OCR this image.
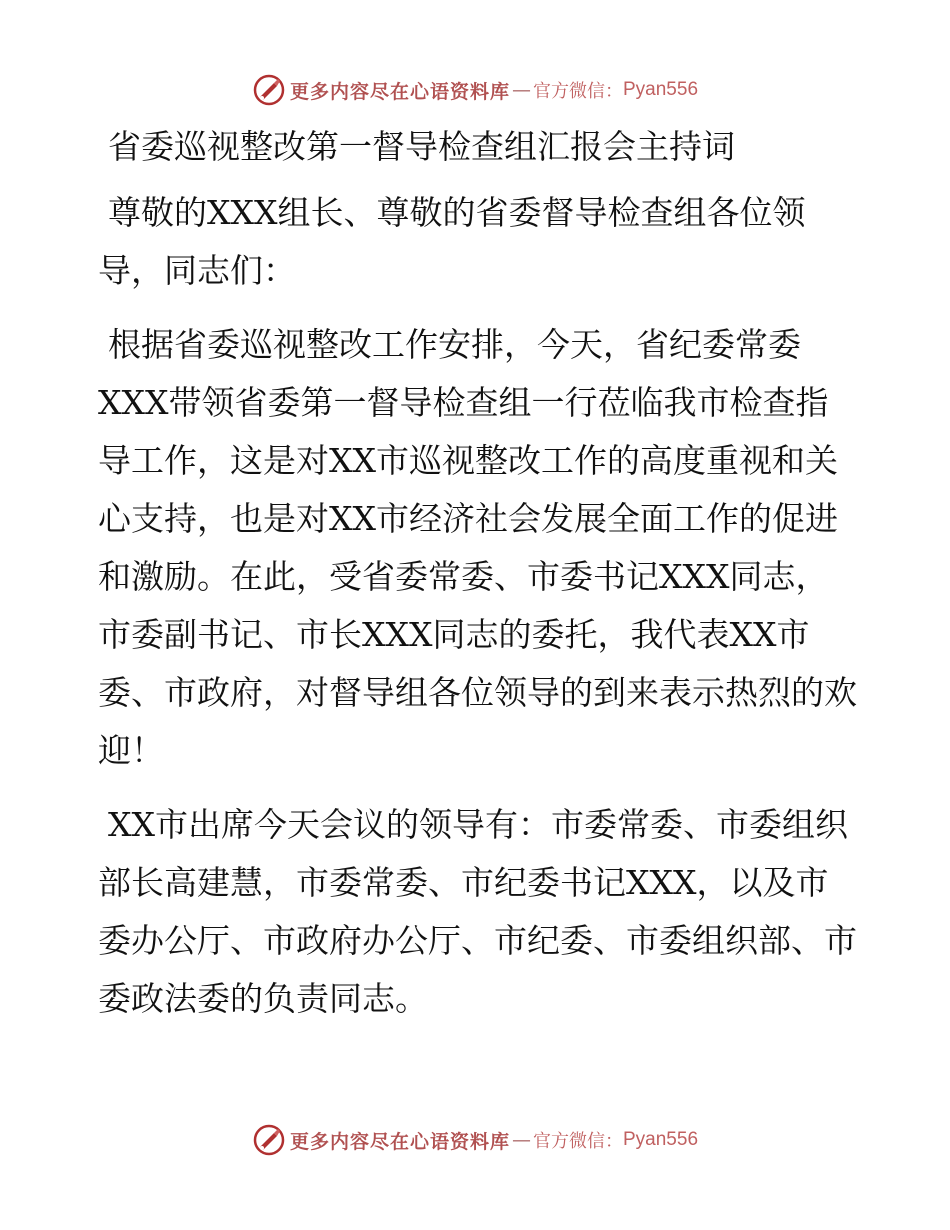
更多内容尽在心语资料库 — 官方微信： Pyan556

省委巡视整改第一督导检查组汇报会主持词

尊敬的XXX组长、尊敬的省委督导检查组各位领导，同志们：

根据省委巡视整改工作安排，今天，省纪委常委XXX带领省委第一督导检查组一行莅临我市检查指导工作，这是对XX市巡视整改工作的高度重视和关心支持，也是对XX市经济社会发展全面工作的促进和激励。在此，受省委常委、市委书记XXX同志，市委副书记、市长XXX同志的委托，我代表XX市委、市政府，对督导组各位领导的到来表示热烈的欢迎！

XX市出席今天会议的领导有：市委常委、市委组织部长高建慧，市委常委、市纪委书记XXX，以及市委办公厅、市政府办公厅、市纪委、市委组织部、市委政法委的负责同志。

更多内容尽在心语资料库 — 官方微信： Pyan556
